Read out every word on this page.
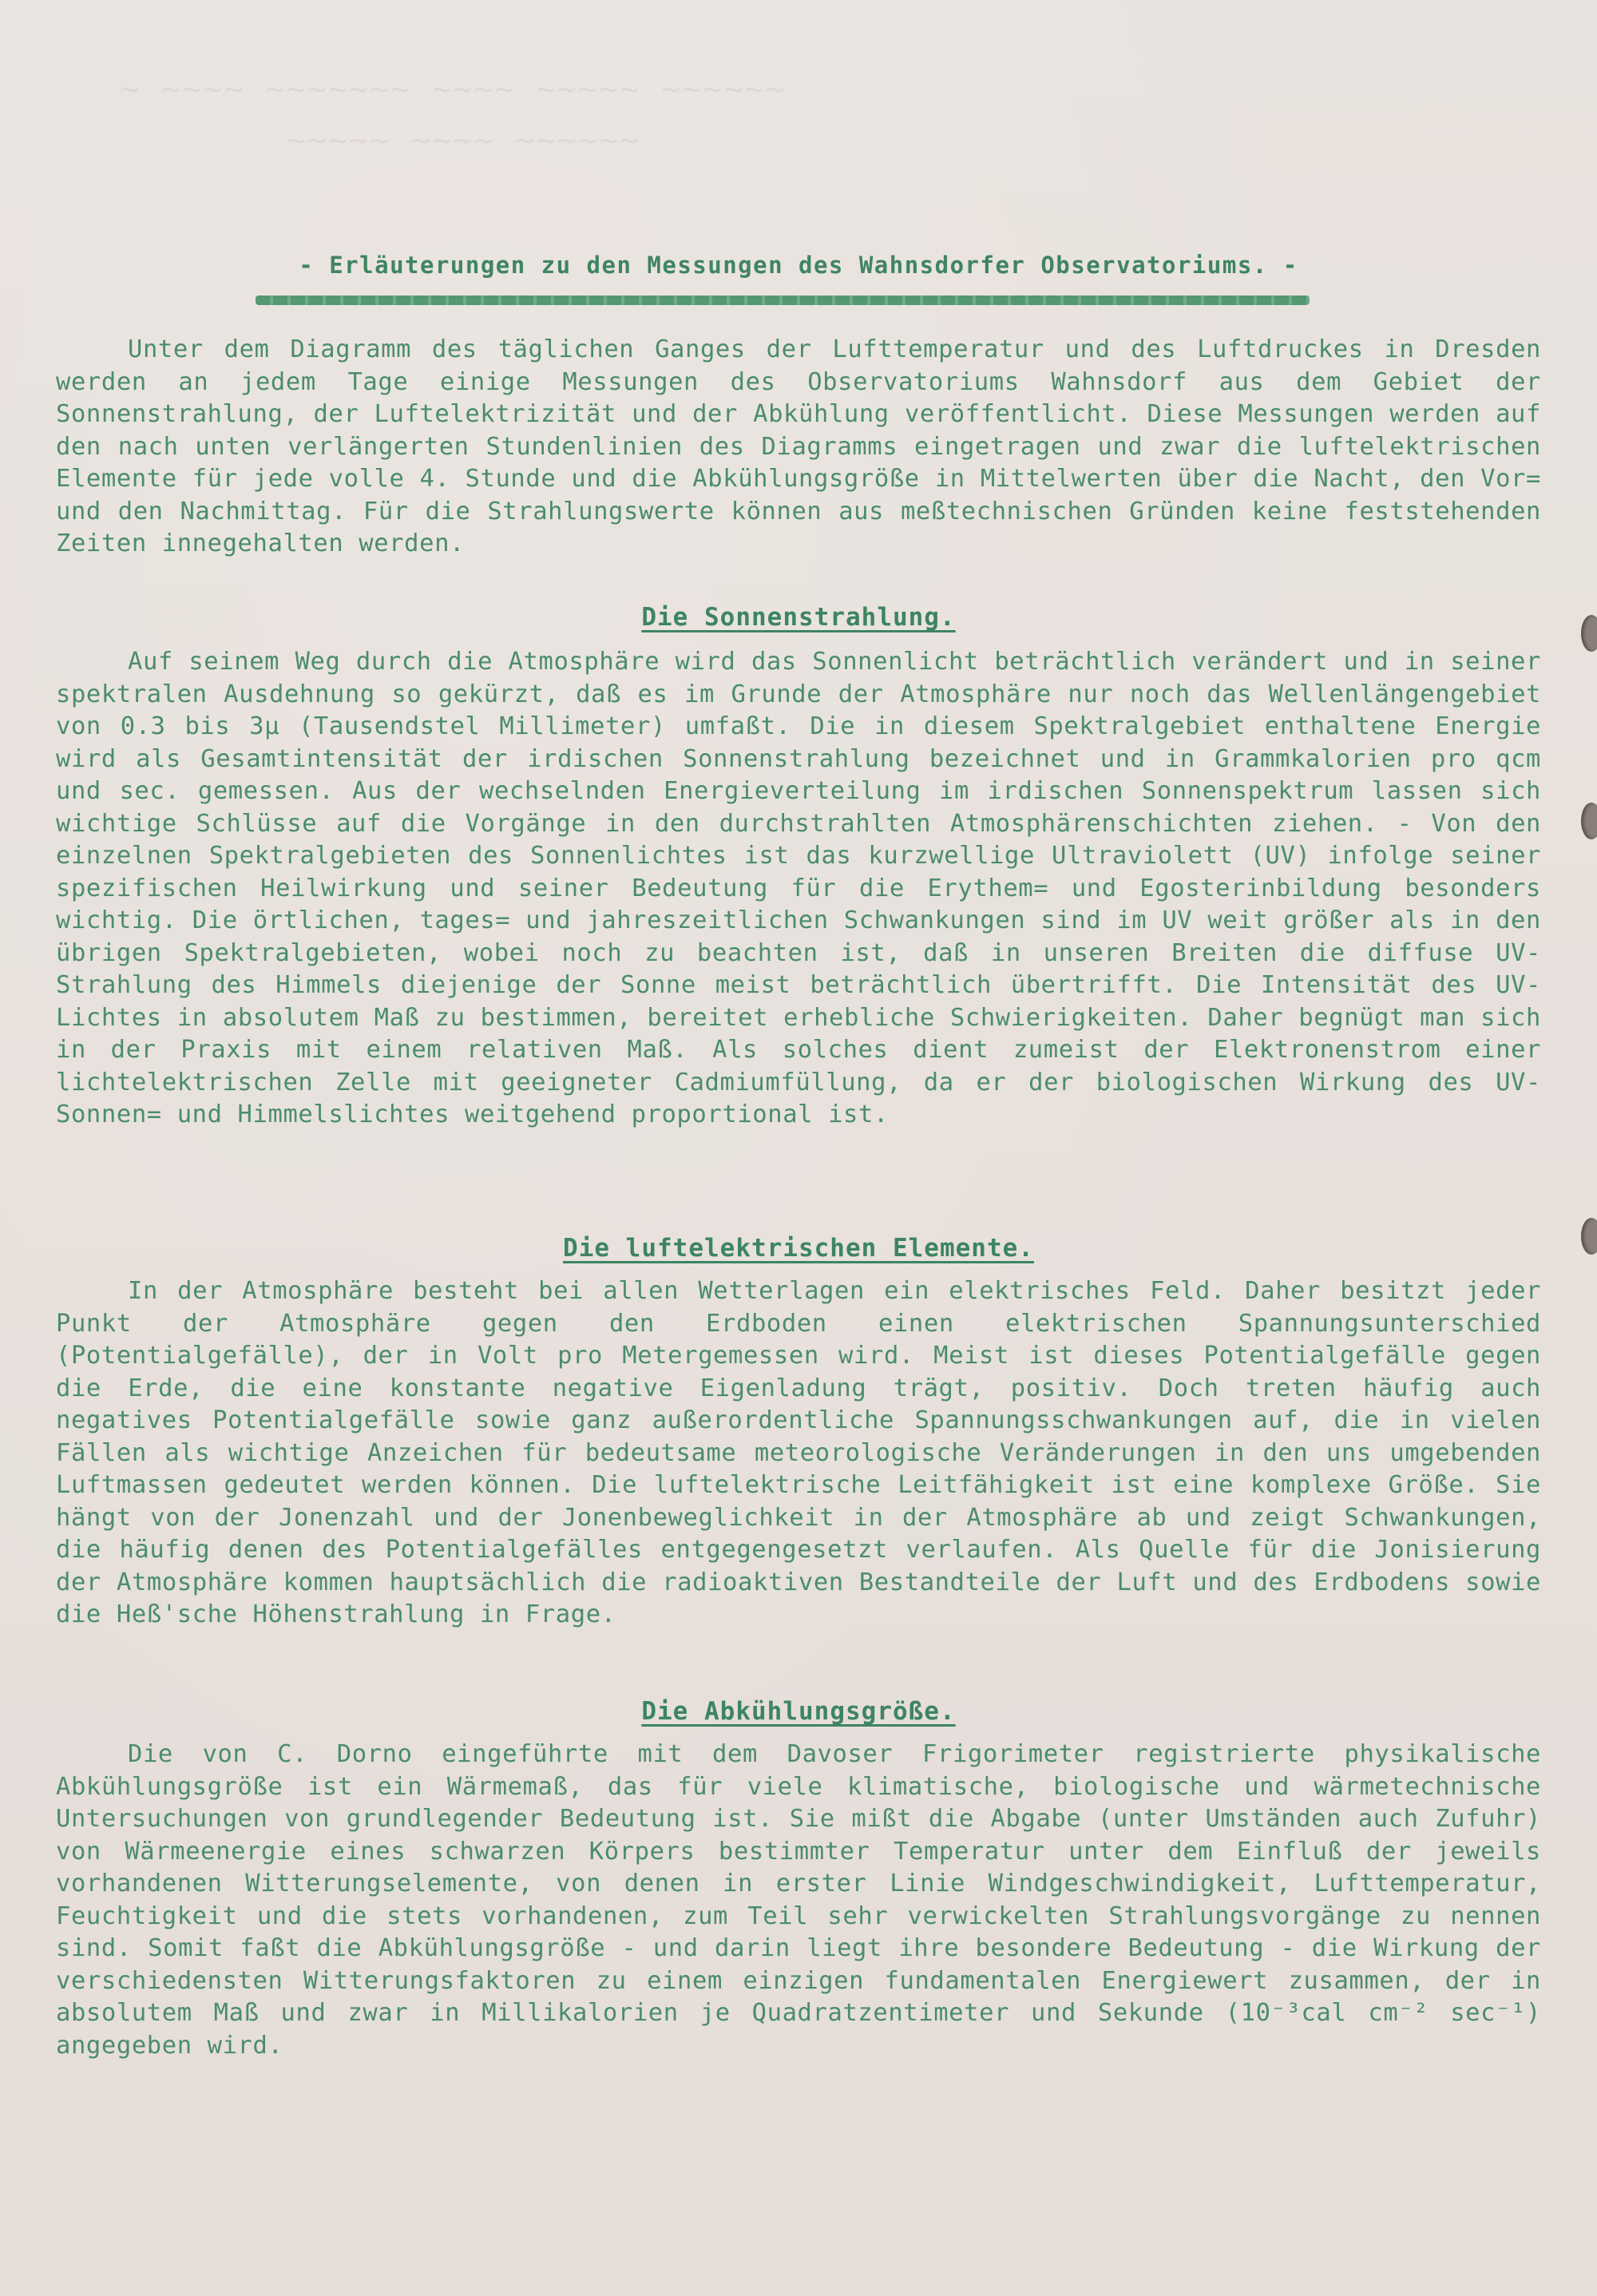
~ ~~~~ ~~~~~~~ ~~~~ ~~~~~ ~~~~~~
~~~~~ ~~~~ ~~~~~~
- Erläuterungen zu den Messungen des Wahnsdorfer Observatoriums. -

Unter dem Diagramm des täglichen Ganges der Lufttemperatur und des Luftdruckes in Dresden werden an jedem Tage einige Messungen des Observatoriums Wahnsdorf aus dem Gebiet der Sonnenstrahlung, der Luftelektrizität und der Abkühlung veröffentlicht. Diese Messungen werden auf den nach unten verlängerten Stundenlinien des Diagramms eingetragen und zwar die luftelektrischen Elemente für jede volle 4. Stunde und die Abkühlungsgröße in Mittelwerten über die Nacht, den Vor= und den Nachmittag. Für die Strahlungswerte können aus meßtechnischen Gründen keine feststehenden Zeiten innegehalten werden.

Die Sonnenstrahlung.

Auf seinem Weg durch die Atmosphäre wird das Sonnenlicht beträchtlich verändert und in seiner spektralen Ausdehnung so gekürzt, daß es im Grunde der Atmosphäre nur noch das Wellenlängengebiet von 0.3 bis 3μ (Tausendstel Millimeter) umfaßt. Die in diesem Spektralgebiet enthaltene Energie wird als Gesamtintensität der irdischen Sonnenstrahlung bezeichnet und in Grammkalorien pro qcm und sec. gemessen. Aus der wechselnden Energieverteilung im irdischen Sonnenspektrum lassen sich wichtige Schlüsse auf die Vorgänge in den durchstrahlten Atmosphärenschichten ziehen. - Von den einzelnen Spektralgebieten des Sonnenlichtes ist das kurzwellige Ultraviolett (UV) infolge seiner spezifischen Heilwirkung und seiner Bedeutung für die Erythem= und Egosterinbildung besonders wichtig. Die örtlichen, tages= und jahreszeitlichen Schwankungen sind im UV weit größer als in den übrigen Spektralgebieten, wobei noch zu beachten ist, daß in unseren Breiten die diffuse UV-Strahlung des Himmels diejenige der Sonne meist beträchtlich übertrifft. Die Intensität des UV-Lichtes in absolutem Maß zu bestimmen, bereitet erhebliche Schwierigkeiten. Daher begnügt man sich in der Praxis mit einem relativen Maß. Als solches dient zumeist der Elektronenstrom einer lichtelektrischen Zelle mit geeigneter Cadmiumfüllung, da er der biologischen Wirkung des UV-Sonnen= und Himmelslichtes weitgehend proportional ist.

Die luftelektrischen Elemente.

In der Atmosphäre besteht bei allen Wetterlagen ein elektrisches Feld. Daher besitzt jeder Punkt der Atmosphäre gegen den Erdboden einen elektrischen Spannungsunterschied (Potentialgefälle), der in Volt pro Metergemessen wird. Meist ist dieses Potentialgefälle gegen die Erde, die eine konstante negative Eigenladung trägt, positiv. Doch treten häufig auch negatives Potentialgefälle sowie ganz außerordentliche Spannungsschwankungen auf, die in vielen Fällen als wichtige Anzeichen für bedeutsame meteorologische Veränderungen in den uns umgebenden Luftmassen gedeutet werden können. Die luftelektrische Leitfähigkeit ist eine komplexe Größe. Sie hängt von der Jonenzahl und der Jonenbeweglichkeit in der Atmosphäre ab und zeigt Schwankungen, die häufig denen des Potentialgefälles entgegengesetzt verlaufen. Als Quelle für die Jonisierung der Atmosphäre kommen hauptsächlich die radioaktiven Bestandteile der Luft und des Erdbodens sowie die Heß'sche Höhenstrahlung in Frage.

Die Abkühlungsgröße.

Die von C. Dorno eingeführte mit dem Davoser Frigorimeter registrierte physikalische Abkühlungsgröße ist ein Wärmemaß, das für viele klimatische, biologische und wärmetechnische Untersuchungen von grundlegender Bedeutung ist. Sie mißt die Abgabe (unter Umständen auch Zufuhr) von Wärmeenergie eines schwarzen Körpers bestimmter Temperatur unter dem Einfluß der jeweils vorhandenen Witterungselemente, von denen in erster Linie Windgeschwindigkeit, Lufttemperatur, Feuchtigkeit und die stets vorhandenen, zum Teil sehr verwickelten Strahlungsvorgänge zu nennen sind. Somit faßt die Abkühlungsgröße - und darin liegt ihre besondere Bedeutung - die Wirkung der verschiedensten Witterungsfaktoren zu einem einzigen fundamentalen Energiewert zusammen, der in absolutem Maß und zwar in Millikalorien je Quadratzentimeter und Sekunde (10⁻³cal cm⁻² sec⁻¹) angegeben wird.
